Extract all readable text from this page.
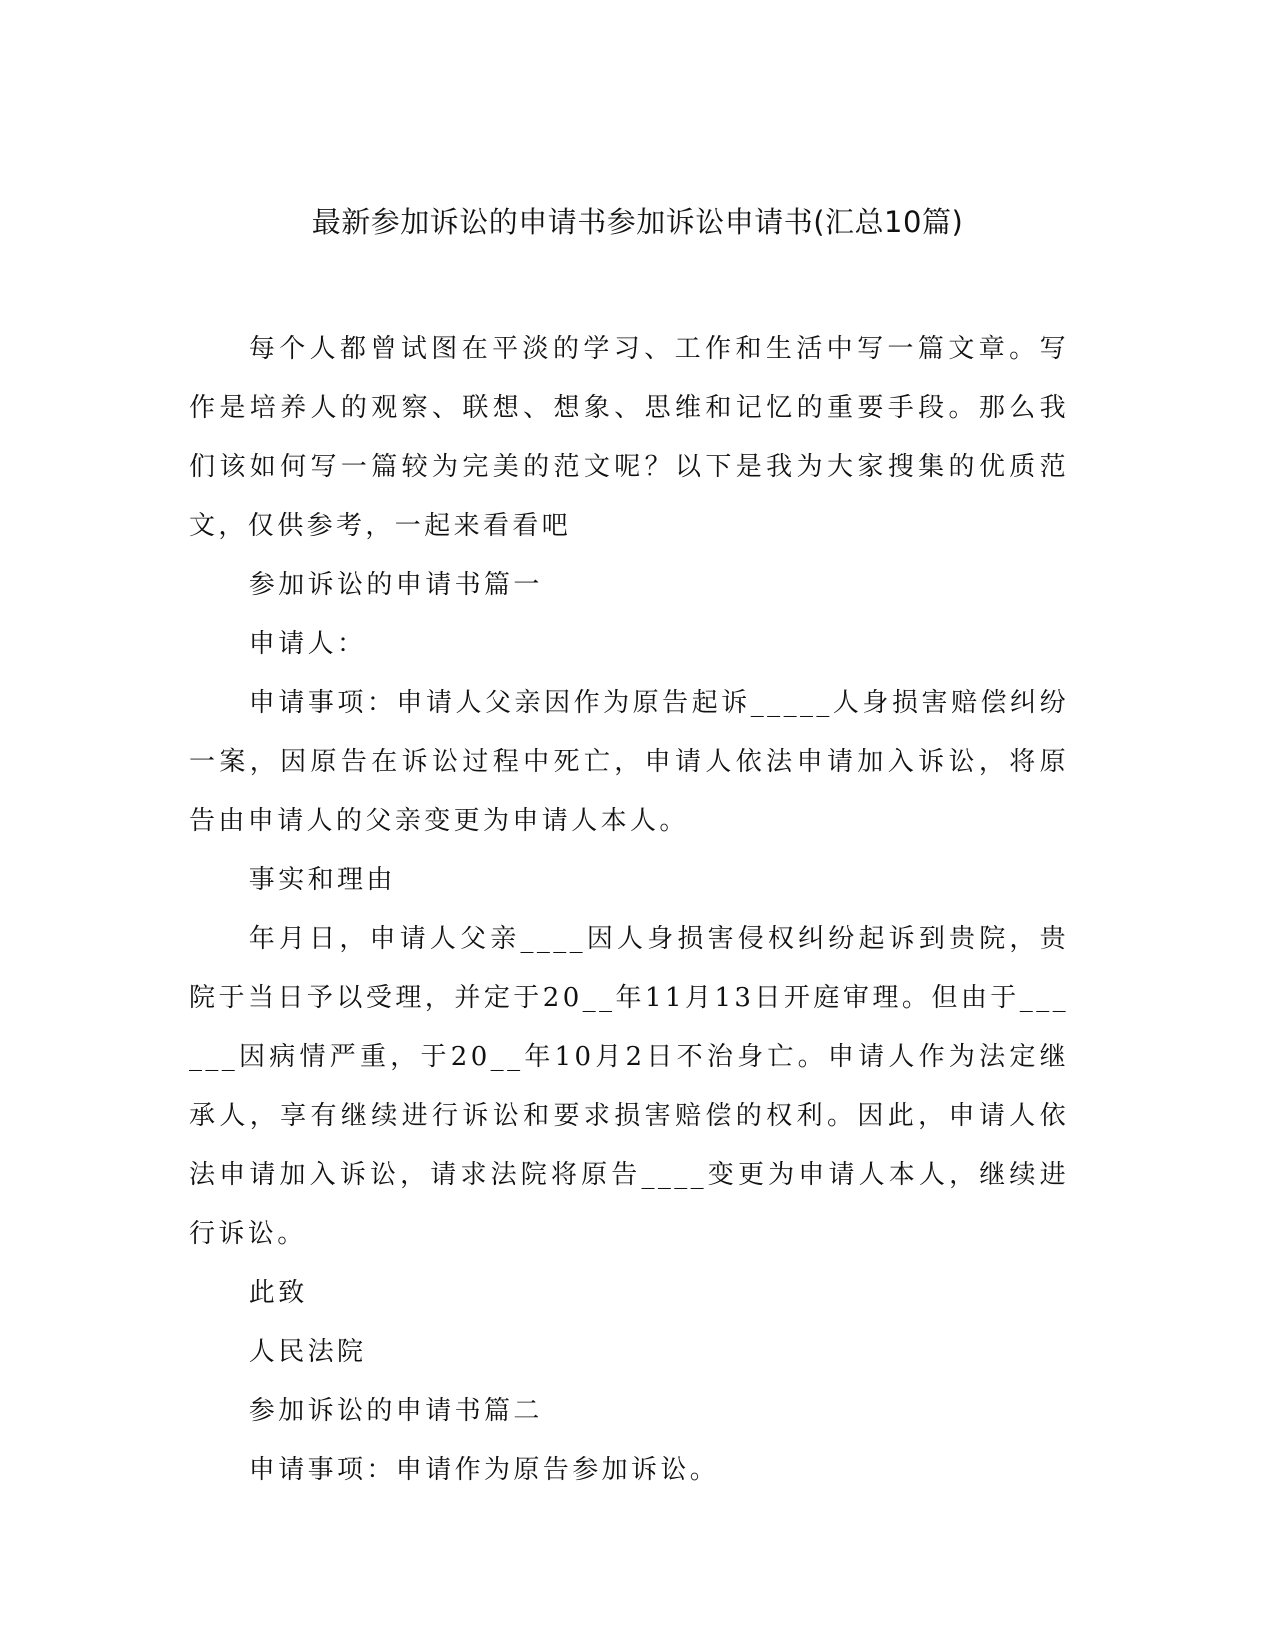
最新参加诉讼的申请书参加诉讼申请书(汇总10篇)

每个人都曾试图在平淡的学习、工作和生活中写一篇文章。写作是培养人的观察、联想、想象、思维和记忆的重要手段。那么我们该如何写一篇较为完美的范文呢？以下是我为大家搜集的优质范文，仅供参考，一起来看看吧

参加诉讼的申请书篇一

申请人：

申请事项：申请人父亲因作为原告起诉_____人身损害赔偿纠纷一案，因原告在诉讼过程中死亡，申请人依法申请加入诉讼，将原告由申请人的父亲变更为申请人本人。

事实和理由

年月日，申请人父亲____因人身损害侵权纠纷起诉到贵院，贵院于当日予以受理，并定于20__年11月13日开庭审理。但由于______因病情严重，于20__年10月2日不治身亡。申请人作为法定继承人，享有继续进行诉讼和要求损害赔偿的权利。因此，申请人依法申请加入诉讼，请求法院将原告____变更为申请人本人，继续进行诉讼。

此致

人民法院

参加诉讼的申请书篇二

申请事项：申请作为原告参加诉讼。
